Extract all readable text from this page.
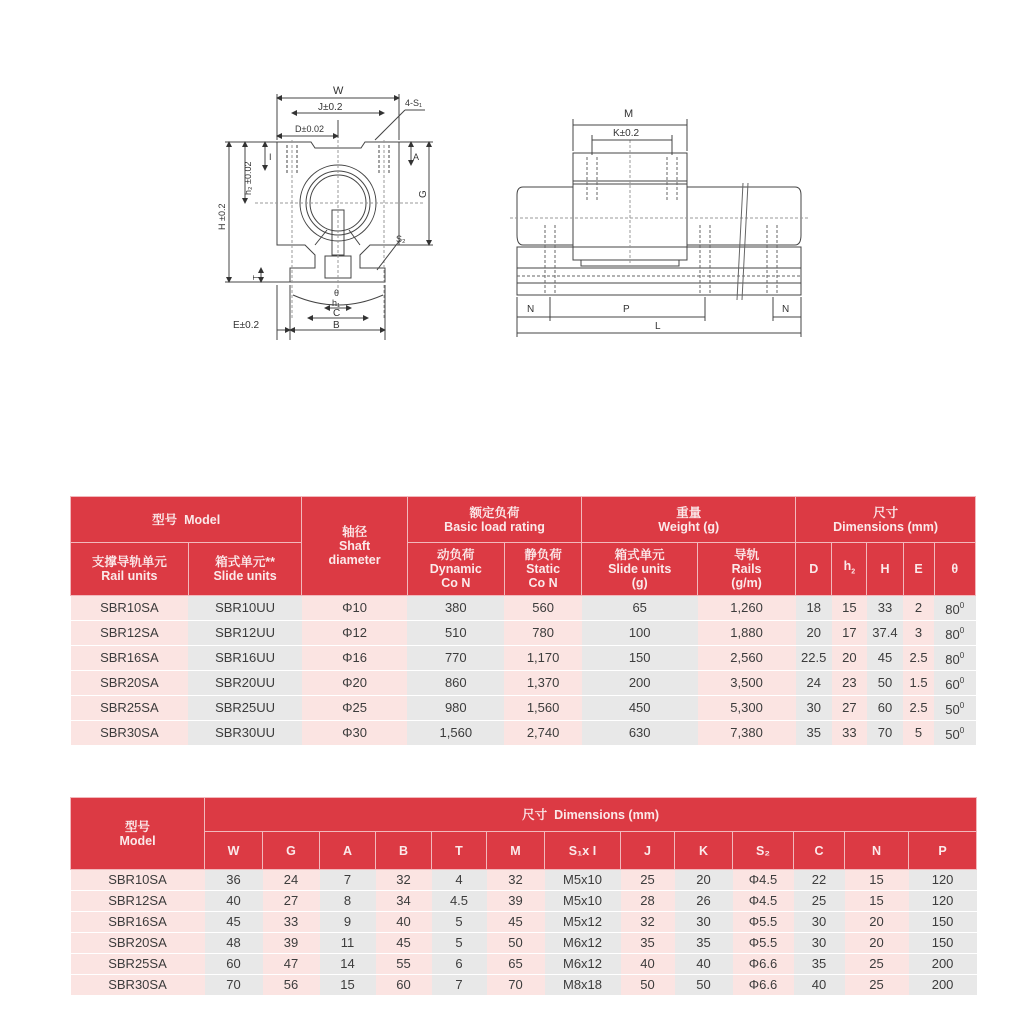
W
J±0.2
D±0.02
4-S₁
I	A
h₂ ±0.02
H ±0.2
G
S₂
T
θ
h₁
C
B
E±0.2
M
K±0.2
N	P	N
L
型号 Model		轴径
Shaft
diameter	额定负荷
Basic load rating		重量
Weight (g)		尺寸
Dimensions (mm)				

支撑导轨单元
Rail units	箱式单元**
Slide units		动负荷
Dynamic
Co N	静负荷
Static
Co N	箱式单元
Slide units
(g)	导轨
Rails
(g/m)	D	$h_2$	H	E	θ
SBR10SA	SBR10UU	Φ10	380	560	65	1,260	18	15	33	2	$80^0$
SBR12SA	SBR12UU	Φ12	510	780	100	1,880	20	17	37.4	3	$80^0$
SBR16SA	SBR16UU	Φ16	770	1,170	150	2,560	22.5	20	45	2.5	$80^0$
SBR20SA	SBR20UU	Φ20	860	1,370	200	3,500	24	23	50	1.5	$60^0$
SBR25SA	SBR25UU	Φ25	980	1,560	450	5,300	30	27	60	2.5	$50^0$
SBR30SA	SBR30UU	Φ30	1,560	2,740	630	7,380	35	33	70	5	$50^0$
型号
Model	尺寸 Dimensions (mm)												
	W	G	A	B	T	M	S₁x I	J	K	S₂	C	N	P
SBR10SA	36	24	7	32	4	32	M5x10	25	20	Φ4.5	22	15	120
SBR12SA	40	27	8	34	4.5	39	M5x10	28	26	Φ4.5	25	15	120
SBR16SA	45	33	9	40	5	45	M5x12	32	30	Φ5.5	30	20	150
SBR20SA	48	39	11	45	5	50	M6x12	35	35	Φ5.5	30	20	150
SBR25SA	60	47	14	55	6	65	M6x12	40	40	Φ6.6	35	25	200
SBR30SA	70	56	15	60	7	70	M8x18	50	50	Φ6.6	40	25	200
